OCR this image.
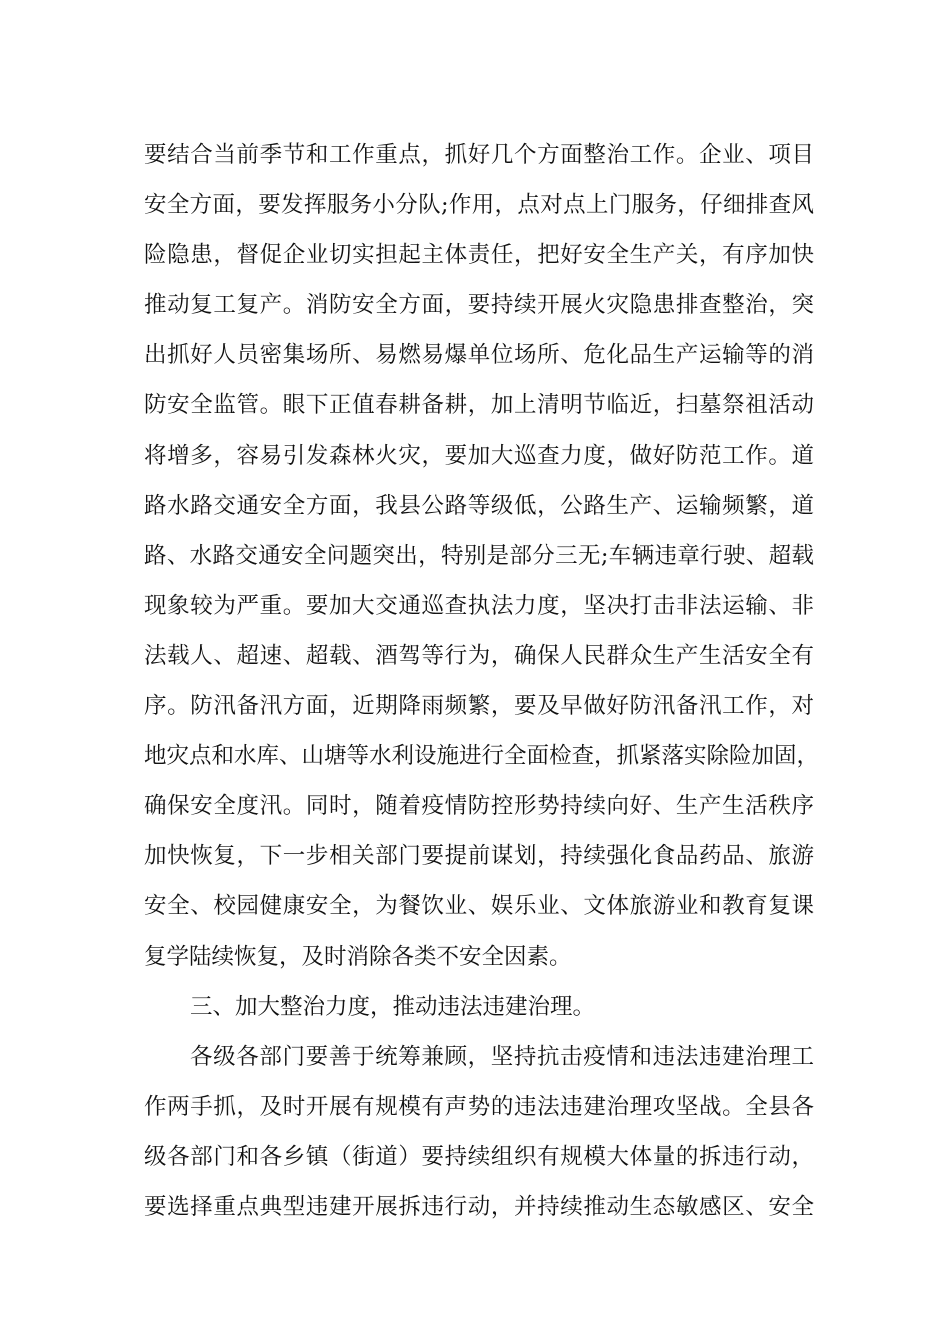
要结合当前季节和工作重点，抓好几个方面整治工作。企业、项目
安全方面，要发挥服务小分队;作用，点对点上门服务，仔细排查风
险隐患，督促企业切实担起主体责任，把好安全生产关，有序加快
推动复工复产。消防安全方面，要持续开展火灾隐患排查整治，突
出抓好人员密集场所、易燃易爆单位场所、危化品生产运输等的消
防安全监管。眼下正值春耕备耕，加上清明节临近，扫墓祭祖活动
将增多，容易引发森林火灾，要加大巡查力度，做好防范工作。道
路水路交通安全方面，我县公路等级低，公路生产、运输频繁，道
路、水路交通安全问题突出，特别是部分三无;车辆违章行驶、超载
现象较为严重。要加大交通巡查执法力度，坚决打击非法运输、非
法载人、超速、超载、酒驾等行为，确保人民群众生产生活安全有
序。防汛备汛方面，近期降雨频繁，要及早做好防汛备汛工作，对
地灾点和水库、山塘等水利设施进行全面检查，抓紧落实除险加固，
确保安全度汛。同时，随着疫情防控形势持续向好、生产生活秩序
加快恢复，下一步相关部门要提前谋划，持续强化食品药品、旅游
安全、校园健康安全，为餐饮业、娱乐业、文体旅游业和教育复课
复学陆续恢复，及时消除各类不安全因素。
三、加大整治力度，推动违法违建治理。
各级各部门要善于统筹兼顾，坚持抗击疫情和违法违建治理工
作两手抓，及时开展有规模有声势的违法违建治理攻坚战。全县各
级各部门和各乡镇（街道）要持续组织有规模大体量的拆违行动，
要选择重点典型违建开展拆违行动，并持续推动生态敏感区、安全
